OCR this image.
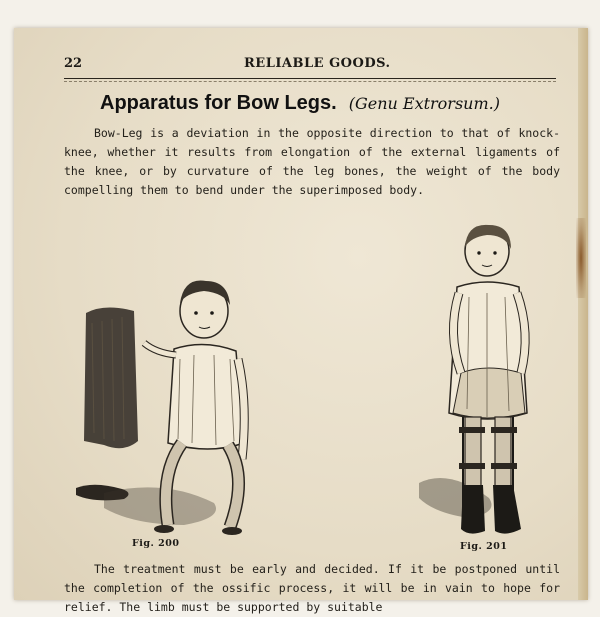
22	RELIABLE GOODS.
Apparatus for Bow Legs. (Genu Extrorsum.)

Bow-Leg is a deviation in the opposite direction to that of knock-knee, whether it results from elongation of the external ligaments of the knee, or by curvature of the leg bones, the weight of the body compelling them to bend under the superimposed body.

Fig. 200	Fig. 201

The treatment must be early and decided. If it be postponed until the completion of the ossific process, it will be in vain to hope for relief. The limb must be supported by suitable
